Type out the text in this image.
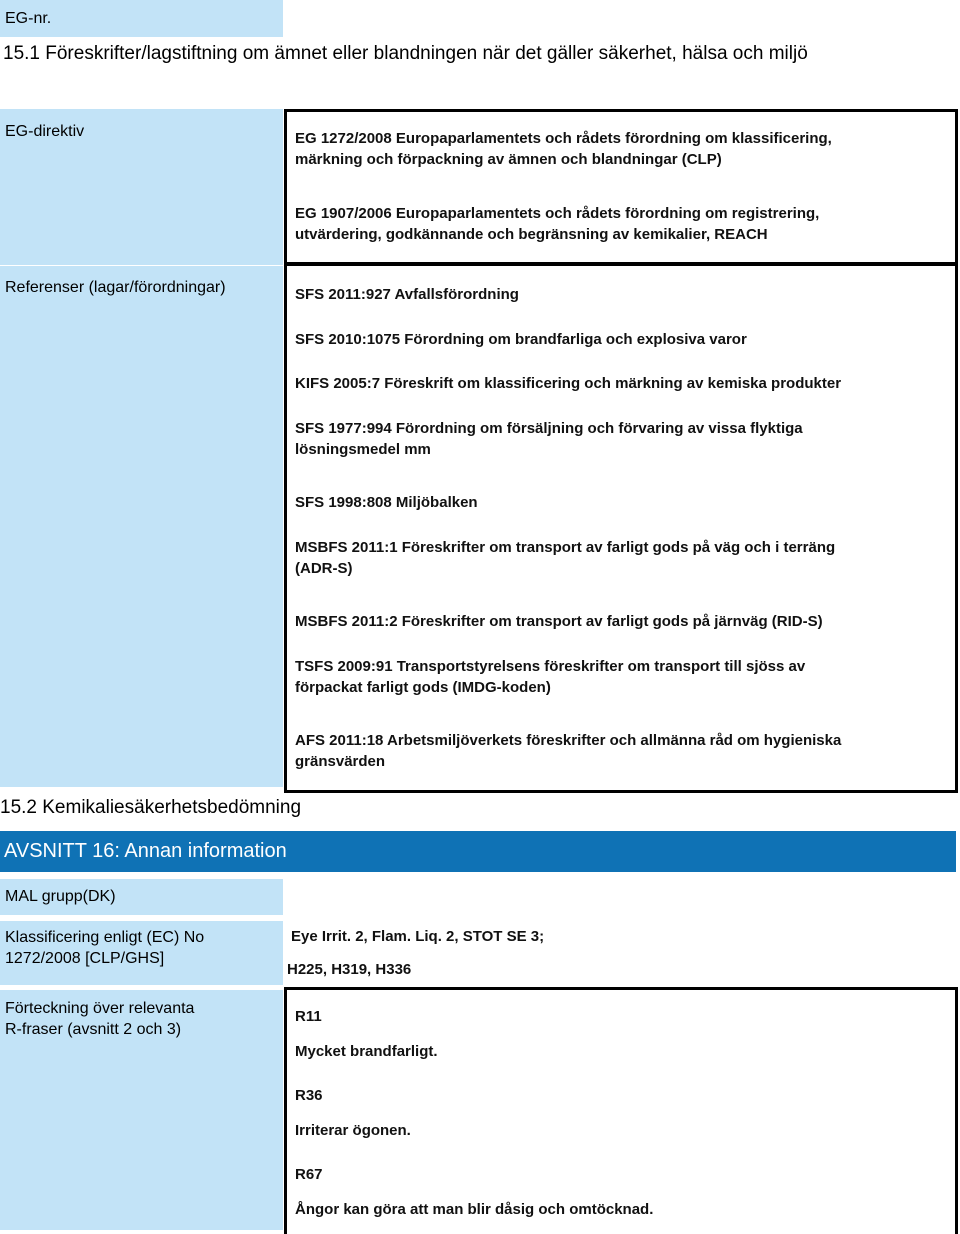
EG-nr.
15.1 Föreskrifter/lagstiftning om ämnet eller blandningen när det gäller säkerhet, hälsa och miljö
EG-direktiv	EG 1272/2008 Europaparlamentets och rådets förordning om klassificering,
märkning och förpackning av ämnen och blandningar (CLP)
EG 1907/2006 Europaparlamentets och rådets förordning om registrering,
utvärdering, godkännande och begränsning av kemikalier, REACH
Referenser (lagar/förordningar)	SFS 2011:927 Avfallsförordning
SFS 2010:1075 Förordning om brandfarliga och explosiva varor
KIFS 2005:7 Föreskrift om klassificering och märkning av kemiska produkter
SFS 1977:994 Förordning om försäljning och förvaring av vissa flyktiga
lösningsmedel mm
SFS 1998:808 Miljöbalken
MSBFS 2011:1 Föreskrifter om transport av farligt gods på väg och i terräng
(ADR-S)
MSBFS 2011:2 Föreskrifter om transport av farligt gods på järnväg (RID-S)
TSFS 2009:91 Transportstyrelsens föreskrifter om transport till sjöss av
förpackat farligt gods (IMDG-koden)
AFS 2011:18 Arbetsmiljöverkets föreskrifter och allmänna råd om hygieniska
gränsvärden
15.2 Kemikaliesäkerhetsbedömning
AVSNITT 16: Annan information
MAL grupp(DK)
Klassificering enligt (EC) No
1272/2008 [CLP/GHS]
Eye Irrit. 2, Flam. Liq. 2, STOT SE 3;
H225, H319, H336
Förteckning över relevanta
R-fraser (avsnitt 2 och 3)
R11
Mycket brandfarligt.
R36
Irriterar ögonen.
R67
Ångor kan göra att man blir dåsig och omtöcknad.
